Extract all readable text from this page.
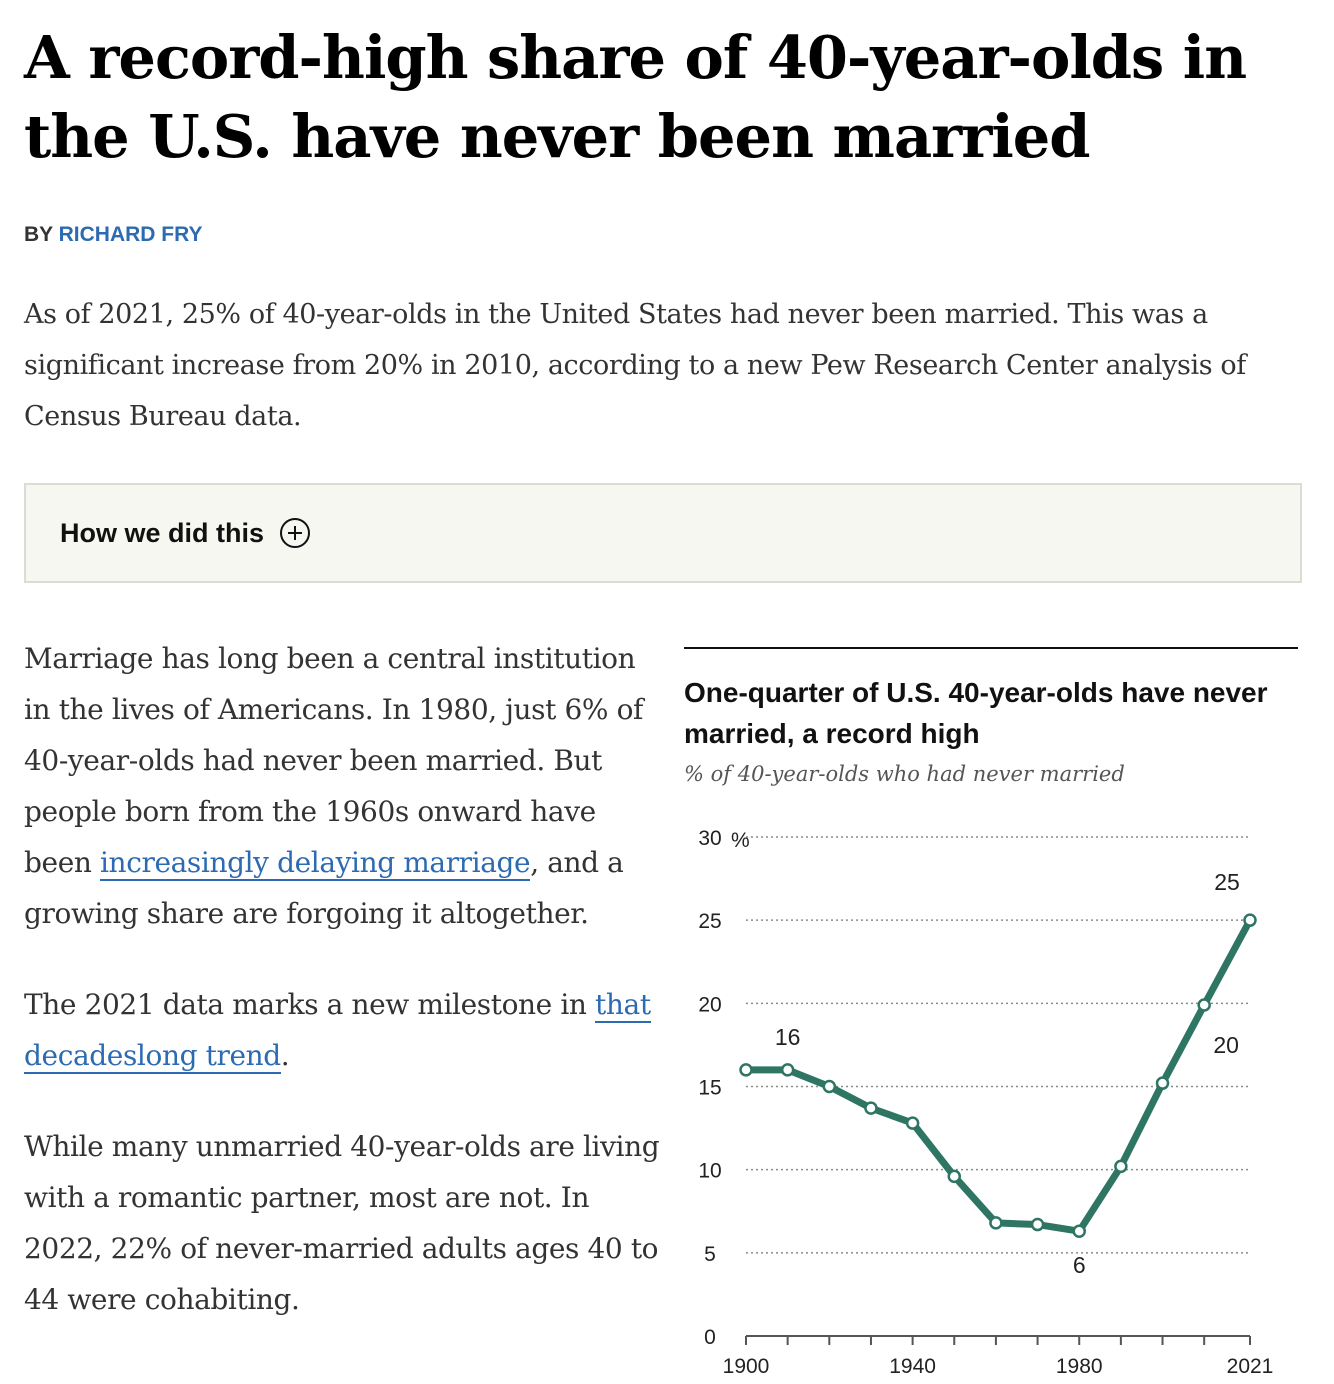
A record-high share of 40-year-olds in the U.S. have never been married

BY RICHARD FRY

As of 2021, 25% of 40-year-olds in the United States had never been married. This was a significant increase from 20% in 2010, according to a new Pew Research Center analysis of Census Bureau data.

How we did this

Marriage has long been a central institution in the lives of Americans. In 1980, just 6% of 40-year-olds had never been married. But people born from the 1960s onward have been increasingly delaying marriage, and a growing share are forgoing it altogether.

The 2021 data marks a new milestone in that decadeslong trend.

While many unmarried 40-year-olds are living with a romantic partner, most are not. In 2022, 22% of never-married adults ages 40 to 44 were cohabiting.

One-quarter of U.S. 40-year-olds have never married, a record high

% of 40-year-olds who had never married

0
5
10
15
20
25
30 %
1900	1940	1980	2021
16
6
20
25
